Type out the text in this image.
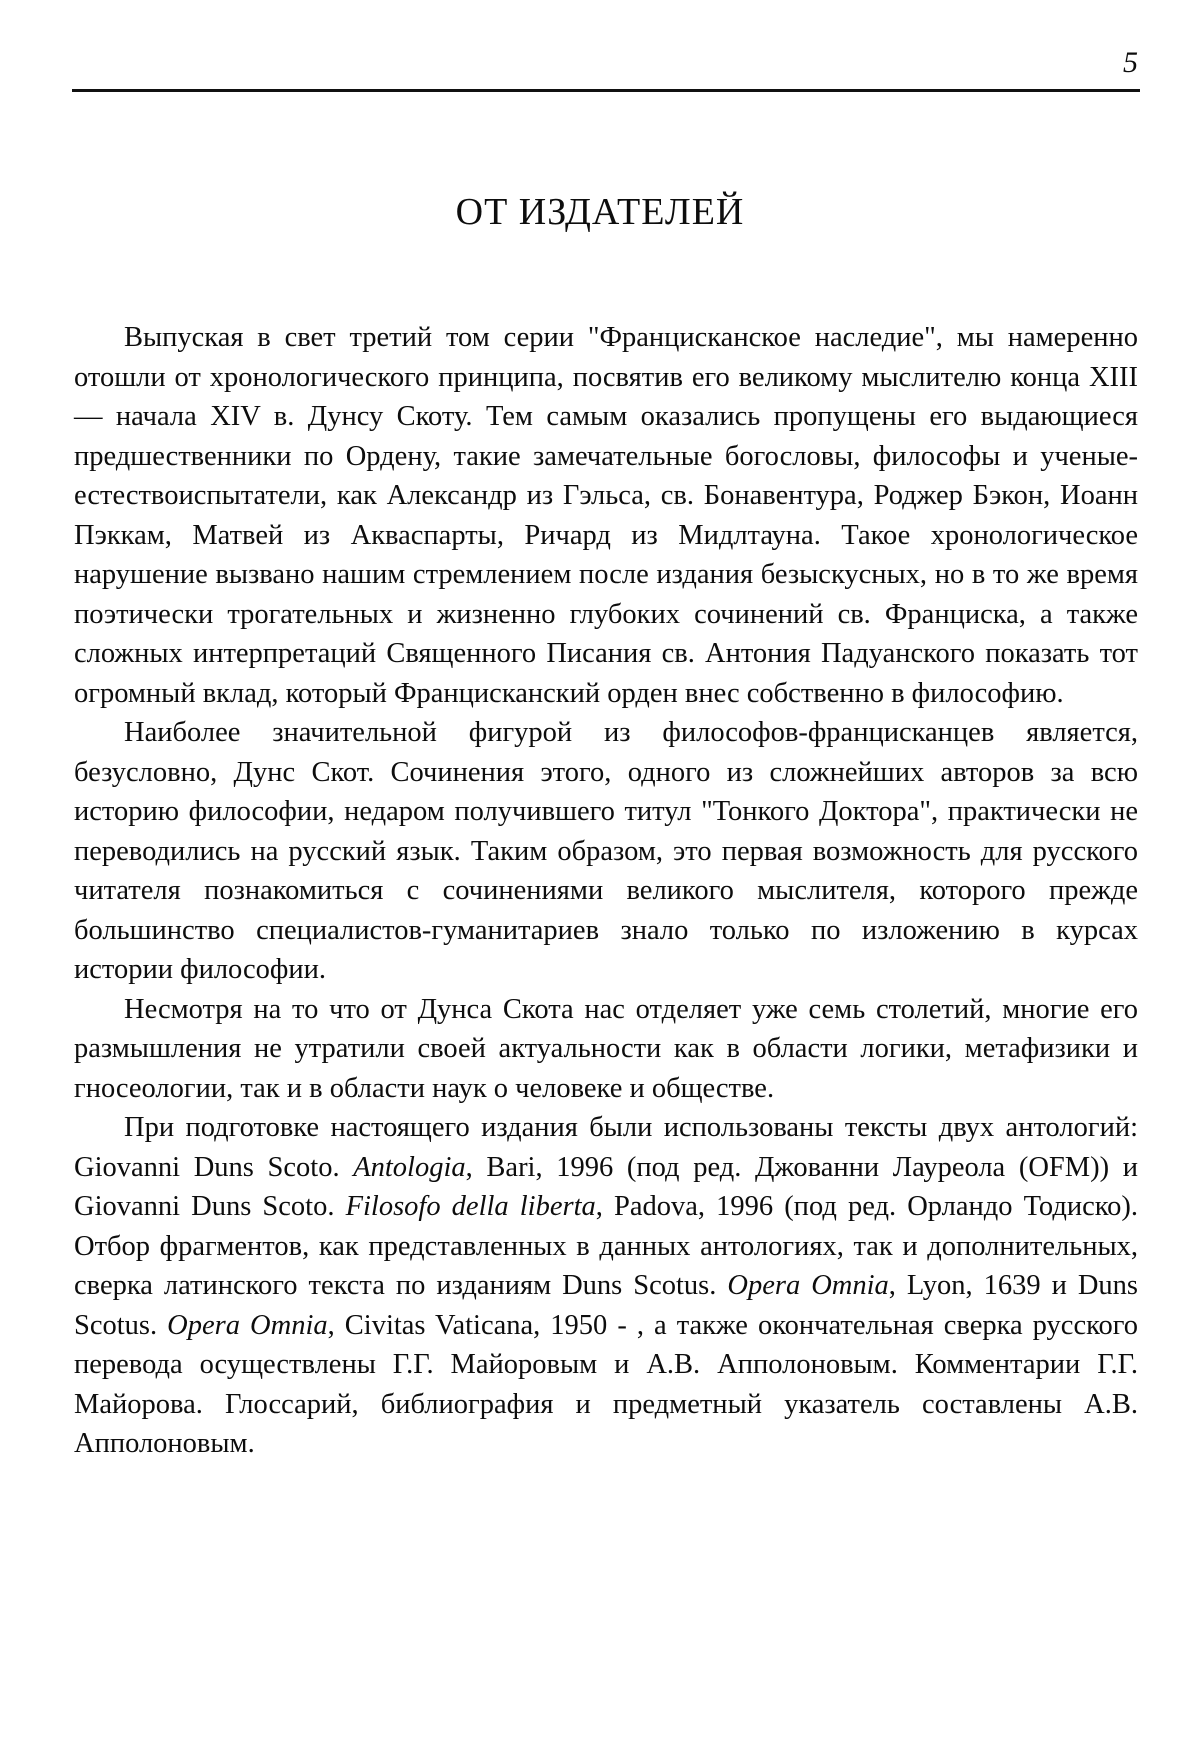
5
ОТ ИЗДАТЕЛЕЙ

Выпуская в свет третий том серии "Францисканское наследие", мы намеренно отошли от хронологического принципа, посвятив его великому мыслителю конца XIII — начала XIV в. Дунсу Скоту. Тем самым оказались пропущены его выдающиеся предшественники по Ордену, такие замечательные богословы, философы и ученые-естествоиспытатели, как Александр из Гэльса, св. Бонавентура, Роджер Бэкон, Иоанн Пэккам, Матвей из Акваспарты, Ричард из Мидлтауна. Такое хронологическое нарушение вызвано нашим стремлением после издания безыскусных, но в то же время поэтически трогательных и жизненно глубоких сочинений св. Франциска, а также сложных интерпретаций Священного Писания св. Антония Падуанского показать тот огромный вклад, который Францисканский орден внес собственно в философию.

Наиболее значительной фигурой из философов-францисканцев является, безусловно, Дунс Скот. Сочинения этого, одного из сложнейших авторов за всю историю философии, недаром получившего титул "Тонкого Доктора", практически не переводились на русский язык. Таким образом, это первая возможность для русского читателя познакомиться с сочинениями великого мыслителя, которого прежде большинство специалистов-гуманитариев знало только по изложению в курсах истории философии.

Несмотря на то что от Дунса Скота нас отделяет уже семь столетий, многие его размышления не утратили своей актуальности как в области логики, метафизики и гносеологии, так и в области наук о человеке и обществе.

При подготовке настоящего издания были использованы тексты двух антологий: Giovanni Duns Scoto. Antologia, Bari, 1996 (под ред. Джованни Лауреола (OFM)) и Giovanni Duns Scoto. Filosofo della liberta, Padova, 1996 (под ред. Орландо Тодиско). Отбор фрагментов, как представленных в данных антологиях, так и дополнительных, сверка латинского текста по изданиям Duns Scotus. Opera Omnia, Lyon, 1639 и Duns Scotus. Opera Omnia, Civitas Vaticana, 1950 - , а также окончательная сверка русского перевода осуществлены Г.Г. Майоровым и А.В. Апполоновым. Комментарии Г.Г. Майорова. Глоссарий, библиография и предметный указатель составлены А.В. Апполоновым.
